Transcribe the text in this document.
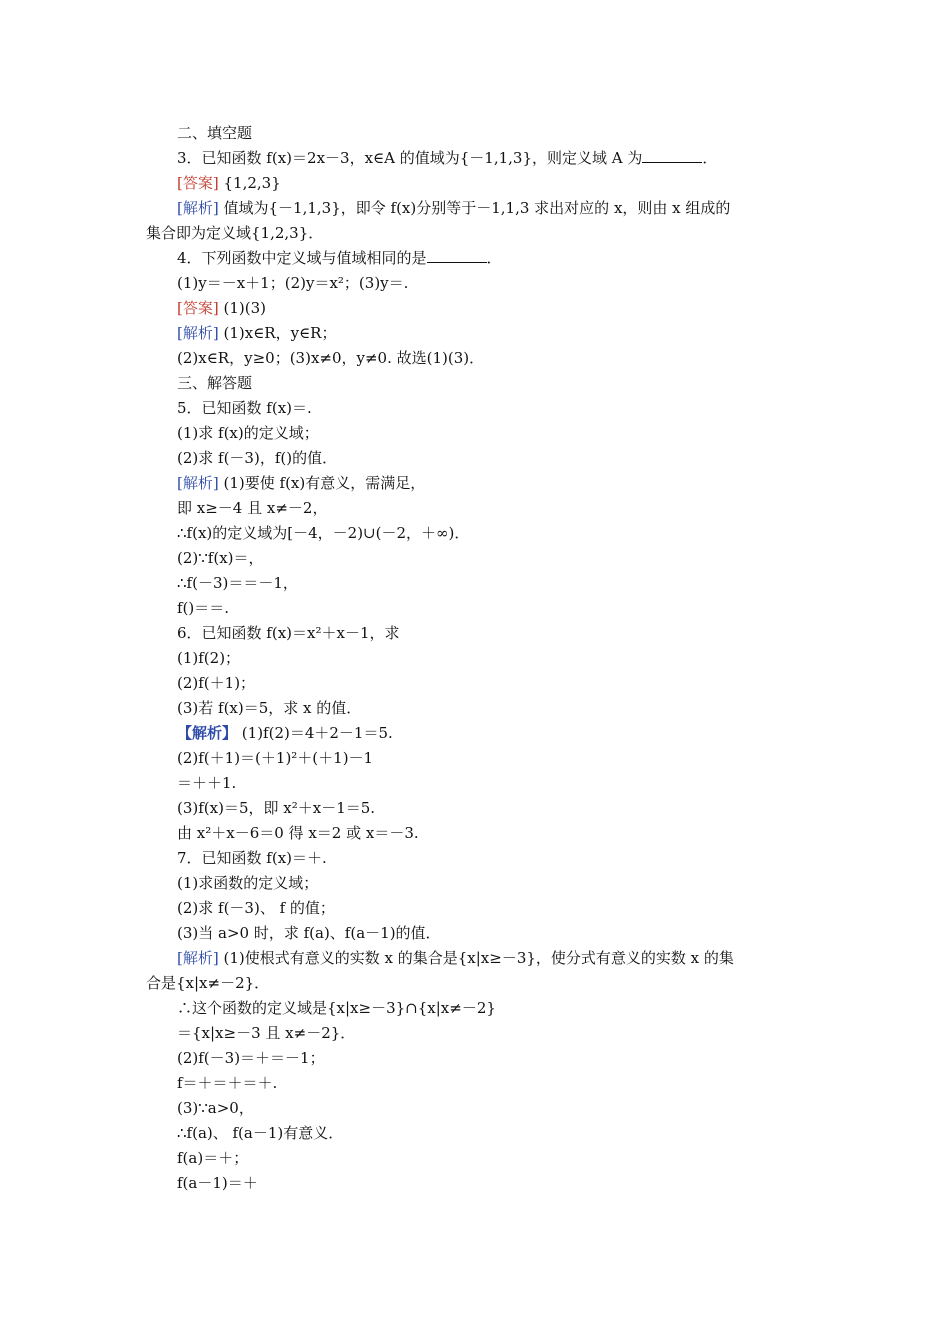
二、填空题
3．已知函数 f(x)＝2x－3，x∈A 的值域为{－1,1,3}，则定义域 A 为	．
[答案] {1,2,3}
[解析] 值域为{－1,1,3}，即令 f(x)分别等于－1,1,3 求出对应的 x，则由 x 组成的
集合即为定义域{1,2,3}．
4．下列函数中定义域与值域相同的是	．
(1)y＝－x＋1；(2)y＝x²；(3)y＝.
[答案] (1)(3)
[解析] (1)x∈R，y∈R；
(2)x∈R，y≥0；(3)x≠0，y≠0. 故选(1)(3)．
三、解答题
5．已知函数 f(x)＝.
(1)求 f(x)的定义域；
(2)求 f(－3)，f()的值．
[解析] (1)要使 f(x)有意义，需满足，
即 x≥－4 且 x≠－2，
∴f(x)的定义域为[－4，－2)∪(－2，＋∞)．
(2)∵f(x)＝，
∴f(－3)＝＝－1，
f()＝＝.
6．已知函数 f(x)＝x²＋x－1，求
(1)f(2)；
(2)f(＋1)；
(3)若 f(x)＝5，求 x 的值．
【解析】 (1)f(2)＝4＋2－1＝5.
(2)f(＋1)＝(＋1)²＋(＋1)－1
＝＋＋1.
(3)f(x)＝5，即 x²＋x－1＝5.
由 x²＋x－6＝0 得 x＝2 或 x＝－3.
7．已知函数 f(x)＝＋.
(1)求函数的定义域；
(2)求 f(－3)、 f 的值；
(3)当 a>0 时，求 f(a)、f(a－1)的值．
[解析] (1)使根式有意义的实数 x 的集合是{x|x≥－3}，使分式有意义的实数 x 的集
合是{x|x≠－2}．
∴这个函数的定义域是{x|x≥－3}∩{x|x≠－2}
＝{x|x≥－3 且 x≠－2}．
(2)f(－3)＝＋＝－1；
f＝＋＝＋＝＋.
(3)∵a>0，
∴f(a)、 f(a－1)有意义．
f(a)＝＋；
f(a－1)＝＋
